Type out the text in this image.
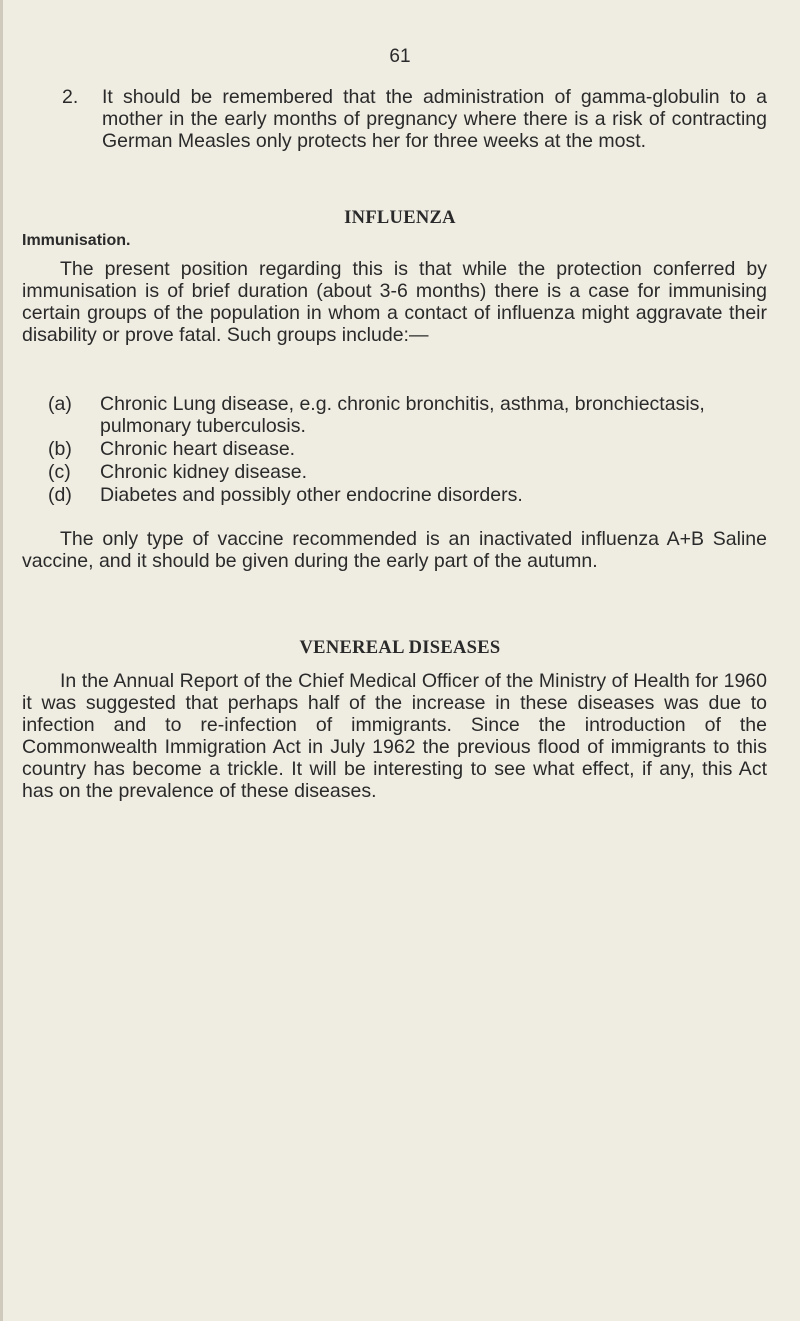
61
2. It should be remembered that the administration of gamma-globulin to a mother in the early months of pregnancy where there is a risk of contracting German Measles only protects her for three weeks at the most.
INFLUENZA
Immunisation.
The present position regarding this is that while the protection conferred by immunisation is of brief duration (about 3-6 months) there is a case for immunising certain groups of the population in whom a contact of influenza might aggravate their disability or prove fatal. Such groups include:—
(a) Chronic Lung disease, e.g. chronic bronchitis, asthma, bronchiectasis, pulmonary tuberculosis.
(b) Chronic heart disease.
(c) Chronic kidney disease.
(d) Diabetes and possibly other endocrine disorders.
The only type of vaccine recommended is an inactivated influenza A+B Saline vaccine, and it should be given during the early part of the autumn.
VENEREAL DISEASES
In the Annual Report of the Chief Medical Officer of the Ministry of Health for 1960 it was suggested that perhaps half of the increase in these diseases was due to infection and to re-infection of immigrants. Since the introduction of the Commonwealth Immigration Act in July 1962 the previous flood of immigrants to this country has become a trickle. It will be interesting to see what effect, if any, this Act has on the prevalence of these diseases.
